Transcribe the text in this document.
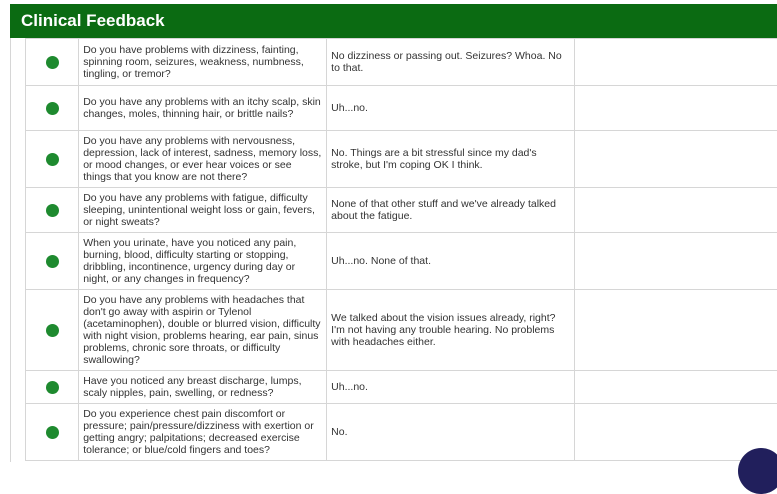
Clinical Feedback
	Do you have problems with dizziness, fainting, spinning room, seizures, weakness, numbness, tingling, or tremor?	No dizziness or passing out. Seizures? Whoa. No to that.	
	Do you have any problems with an itchy scalp, skin changes, moles, thinning hair, or brittle nails?	Uh...no.	
	Do you have any problems with nervousness, depression, lack of interest, sadness, memory loss, or mood changes, or ever hear voices or see things that you know are not there?	No. Things are a bit stressful since my dad's stroke, but I'm coping OK I think.	
	Do you have any problems with fatigue, difficulty sleeping, unintentional weight loss or gain, fevers, or night sweats?	None of that other stuff and we've already talked about the fatigue.	
	When you urinate, have you noticed any pain, burning, blood, difficulty starting or stopping, dribbling, incontinence, urgency during day or night, or any changes in frequency?	Uh...no. None of that.	
	Do you have any problems with headaches that don't go away with aspirin or Tylenol (acetaminophen), double or blurred vision, difficulty with night vision, problems hearing, ear pain, sinus problems, chronic sore throats, or difficulty swallowing?	We talked about the vision issues already, right? I'm not having any trouble hearing. No problems with headaches either.	
	Have you noticed any breast discharge, lumps, scaly nipples, pain, swelling, or redness?	Uh...no.	
	Do you experience chest pain discomfort or pressure; pain/pressure/dizziness with exertion or getting angry; palpitations; decreased exercise tolerance; or blue/cold fingers and toes?	No.	
